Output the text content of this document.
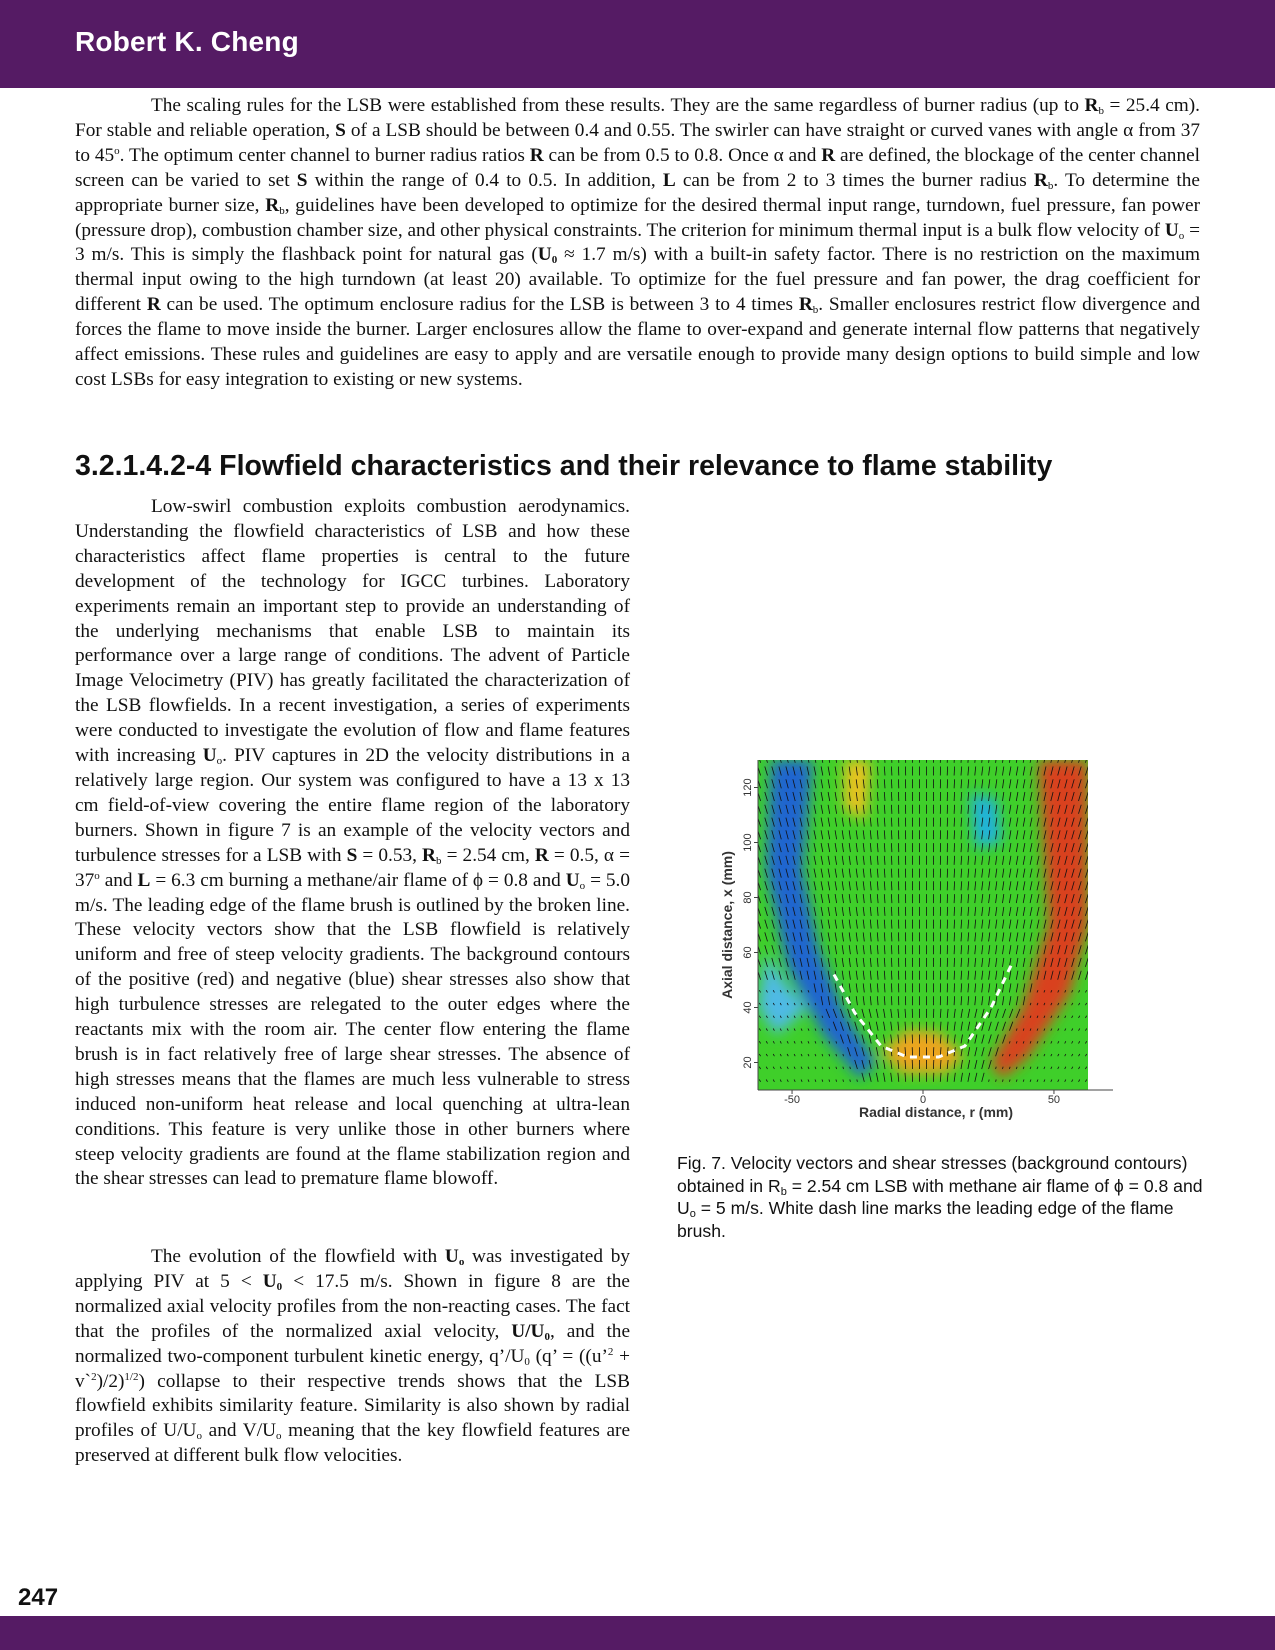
Robert K. Cheng

The scaling rules for the LSB were established from these results. They are the same regardless of burner radius (up to $R_b = 25.4$ cm). For stable and reliable operation, S of a LSB should be between 0.4 and 0.55. The swirler can have straight or curved vanes with angle α from 37 to 45$^o$. The optimum center channel to burner radius ratios R can be from 0.5 to 0.8. Once α and R are defined, the blockage of the center channel screen can be varied to set S within the range of 0.4 to 0.5. In addition, L can be from 2 to 3 times the burner radius $R_b$. To determine the appropriate burner size, $R_b$, guidelines have been developed to optimize for the desired thermal input range, turndown, fuel pressure, fan power (pressure drop), combustion chamber size, and other physical constraints. The criterion for minimum thermal input is a bulk flow velocity of $U_o = 3$ m/s. This is simply the flashback point for natural gas ($U_0 \approx 1.7$ m/s) with a built-in safety factor. There is no restriction on the maximum thermal input owing to the high turndown (at least 20) available. To optimize for the fuel pressure and fan power, the drag coefficient for different R can be used. The optimum enclosure radius for the LSB is between 3 to 4 times $R_b$. Smaller enclosures restrict flow divergence and forces the flame to move inside the burner. Larger enclosures allow the flame to over-expand and generate internal flow patterns that negatively affect emissions. These rules and guidelines are easy to apply and are versatile enough to provide many design options to build simple and low cost LSBs for easy integration to existing or new systems.

3.2.1.4.2-4 Flowfield characteristics and their relevance to flame stability

Low-swirl combustion exploits combustion aerodynamics. Understanding the flowfield characteristics of LSB and how these characteristics affect flame properties is central to the future development of the technology for IGCC turbines. Laboratory experiments remain an important step to provide an understanding of the underlying mechanisms that enable LSB to maintain its performance over a large range of conditions. The advent of Particle Image Velocimetry (PIV) has greatly facilitated the characterization of the LSB flowfields. In a recent investigation, a series of experiments were conducted to investigate the evolution of flow and flame features with increasing $U_o$. PIV captures in 2D the velocity distributions in a relatively large region. Our system was configured to have a 13 x 13 cm field-of-view covering the entire flame region of the laboratory burners. Shown in figure 7 is an example of the velocity vectors and turbulence stresses for a LSB with S = 0.53, $R_b = 2.54$ cm, R = 0.5, $\alpha = 37^o$ and L = 6.3 cm burning a methane/air flame of ϕ = 0.8 and $U_o = 5.0$ m/s. The leading edge of the flame brush is outlined by the broken line. These velocity vectors show that the LSB flowfield is relatively uniform and free of steep velocity gradients. The background contours of the positive (red) and negative (blue) shear stresses also show that high turbulence stresses are relegated to the outer edges where the reactants mix with the room air. The center flow entering the flame brush is in fact relatively free of large shear stresses. The absence of high stresses means that the flames are much less vulnerable to stress induced non-uniform heat release and local quenching at ultra-lean conditions. This feature is very unlike those in other burners where steep velocity gradients are found at the flame stabilization region and the shear stresses can lead to premature flame blowoff.

The evolution of the flowfield with $U_o$ was investigated by applying PIV at $5 < U_0 < 17.5$ m/s. Shown in figure 8 are the normalized axial velocity profiles from the non-reacting cases. The fact that the profiles of the normalized axial velocity, $U/U_0$, and the normalized two-component turbulent kinetic energy, $q’/U_0$ (q’ = ((u’$^2$ + v`$^2$)/2)$^{1/2}$) collapse to their respective trends shows that the LSB flowfield exhibits similarity feature. Similarity is also shown by radial profiles of $U/U_o$ and $V/U_o$ meaning that the key flowfield features are preserved at different bulk flow velocities.

20
40
60
80
100
120
-50	0	50
Axial distance, x (mm)
Radial distance, r (mm)

Fig. 7. Velocity vectors and shear stresses (background contours) obtained in $R_b = 2.54$ cm LSB with methane air flame of ϕ = 0.8 and $U_o = 5$ m/s. White dash line marks the leading edge of the flame brush.

247
